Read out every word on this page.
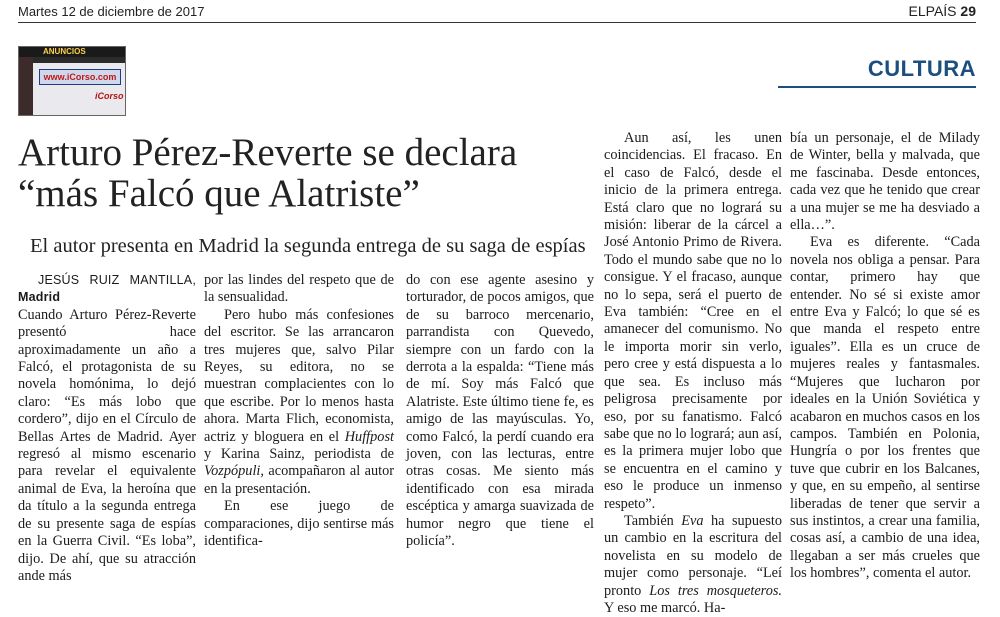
Martes 12 de diciembre de 2017	ELPAÍS 29
ANUNCIOS
www.iCorso.com
iCorso
CULTURA
Arturo Pérez-Reverte se declara
“más Falcó que Alatriste”
El autor presenta en Madrid la segunda entrega de su saga de espías

JESÚS RUIZ MANTILLA, Madrid

Cuando Arturo Pérez-Reverte presentó hace aproximadamente un año a Falcó, el protagonista de su novela homónima, lo dejó claro: “Es más lobo que cordero”, dijo en el Círculo de Bellas Artes de Madrid. Ayer regresó al mismo escenario para revelar el equivalente animal de Eva, la heroína que da título a la segunda entrega de su presente saga de espías en la Guerra Civil. “Es loba”, dijo. De ahí, que su atracción ande más

por las lindes del respeto que de la sensualidad.

Pero hubo más confesiones del escritor. Se las arrancaron tres mujeres que, salvo Pilar Reyes, su editora, no se muestran complacientes con lo que escribe. Por lo menos hasta ahora. Marta Flich, economista, actriz y bloguera en el Huffpost y Karina Sainz, periodista de Vozpópuli, acompañaron al autor en la presentación.

En ese juego de comparaciones, dijo sentirse más identifica-

do con ese agente asesino y torturador, de pocos amigos, que de su barroco mercenario, parrandista con Quevedo, siempre con un fardo con la derrota a la espalda: “Tiene más de mí. Soy más Falcó que Alatriste. Este último tiene fe, es amigo de las mayúsculas. Yo, como Falcó, la perdí cuando era joven, con las lecturas, entre otras cosas. Me siento más identificado con esa mirada escéptica y amarga suavizada de humor negro que tiene el policía”.

Aun así, les unen coincidencias. El fracaso. En el caso de Falcó, desde el inicio de la primera entrega. Está claro que no logrará su misión: liberar de la cárcel a José Antonio Primo de Rivera. Todo el mundo sabe que no lo consigue. Y el fracaso, aunque no lo sepa, será el puerto de Eva también: “Cree en el amanecer del comunismo. No le importa morir sin verlo, pero cree y está dispuesta a lo que sea. Es incluso más peligrosa precisamente por eso, por su fanatismo. Falcó sabe que no lo logrará; aun así, es la primera mujer lobo que se encuentra en el camino y eso le produce un inmenso respeto”.

También Eva ha supuesto un cambio en la escritura del novelista en su modelo de mujer como personaje. “Leí pronto Los tres mosqueteros. Y eso me marcó. Ha-

bía un personaje, el de Milady de Winter, bella y malvada, que me fascinaba. Desde entonces, cada vez que he tenido que crear a una mujer se me ha desviado a ella…”.

Eva es diferente. “Cada novela nos obliga a pensar. Para contar, primero hay que entender. No sé si existe amor entre Eva y Falcó; lo que sé es que manda el respeto entre iguales”. Ella es un cruce de mujeres reales y fantasmales. “Mujeres que lucharon por ideales en la Unión Soviética y acabaron en muchos casos en los campos. También en Polonia, Hungría o por los frentes que tuve que cubrir en los Balcanes, y que, en su empeño, al sentirse liberadas de tener que servir a sus instintos, a crear una familia, cosas así, a cambio de una idea, llegaban a ser más crueles que los hombres”, comenta el autor.
